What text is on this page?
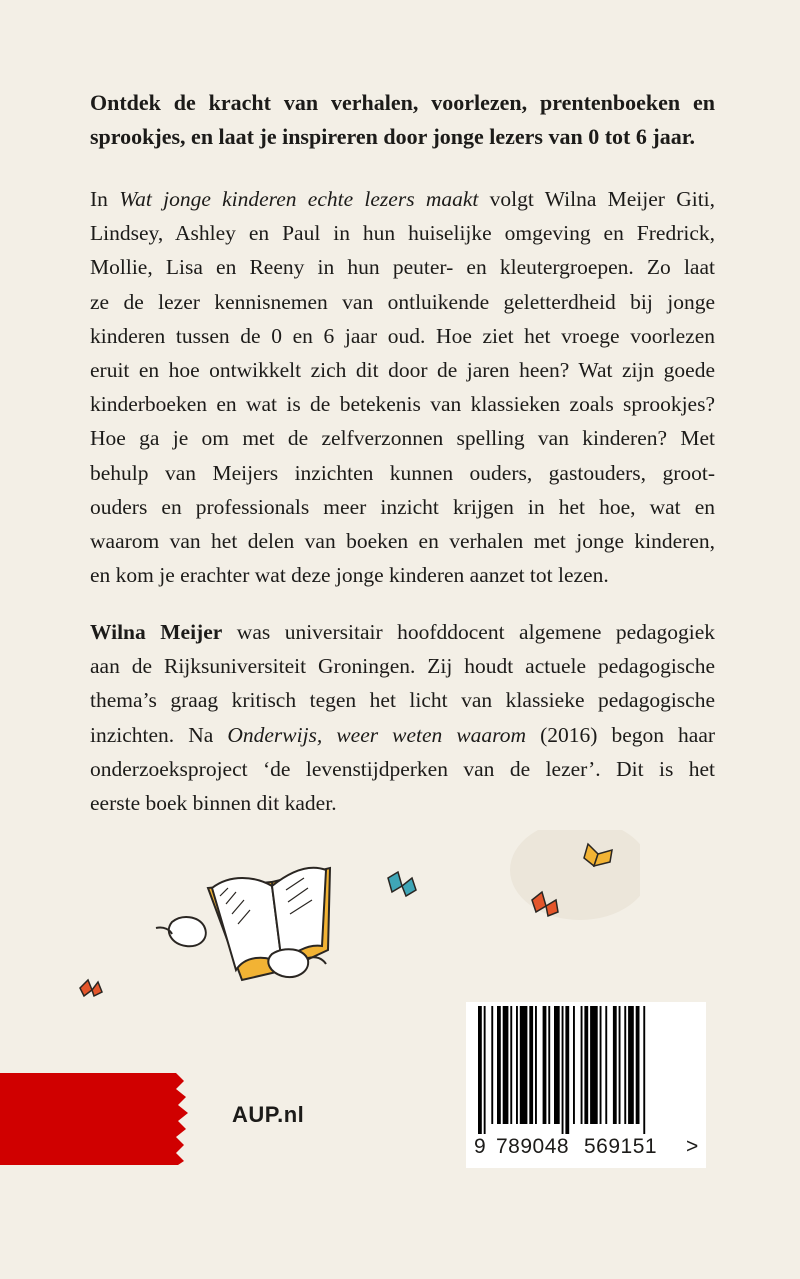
Ontdek de kracht van verhalen, voorlezen, prentenboeken en
sprookjes, en laat je inspireren door jonge lezers van 0 tot 6 jaar.

In Wat jonge kinderen echte lezers maakt volgt Wilna Meijer Giti,
Lindsey, Ashley en Paul in hun huiselijke omgeving en Fredrick,
Mollie, Lisa en Reeny in hun peuter- en kleutergroepen. Zo laat
ze de lezer kennisnemen van ontluikende geletterdheid bij jonge
kinderen tussen de 0 en 6 jaar oud. Hoe ziet het vroege voorlezen
eruit en hoe ontwikkelt zich dit door de jaren heen? Wat zijn goede
kinderboeken en wat is de betekenis van klassieken zoals sprookjes?
Hoe ga je om met de zelfverzonnen spelling van kinderen? Met
behulp van Meijers inzichten kunnen ouders, gastouders, groot-
ouders en professionals meer inzicht krijgen in het hoe, wat en
waarom van het delen van boeken en verhalen met jonge kinderen,
en kom je erachter wat deze jonge kinderen aanzet tot lezen.

Wilna Meijer was universitair hoofddocent algemene pedagogiek
aan de Rijksuniversiteit Groningen. Zij houdt actuele pedagogische
thema’s graag kritisch tegen het licht van klassieke pedagogische
inzichten. Na Onderwijs, weer weten waarom (2016) begon haar
onderzoeksproject ‘de levenstijdperken van de lezer’. Dit is het
eerste boek binnen dit kader.

AUP.nl

9

789048

569151

>
